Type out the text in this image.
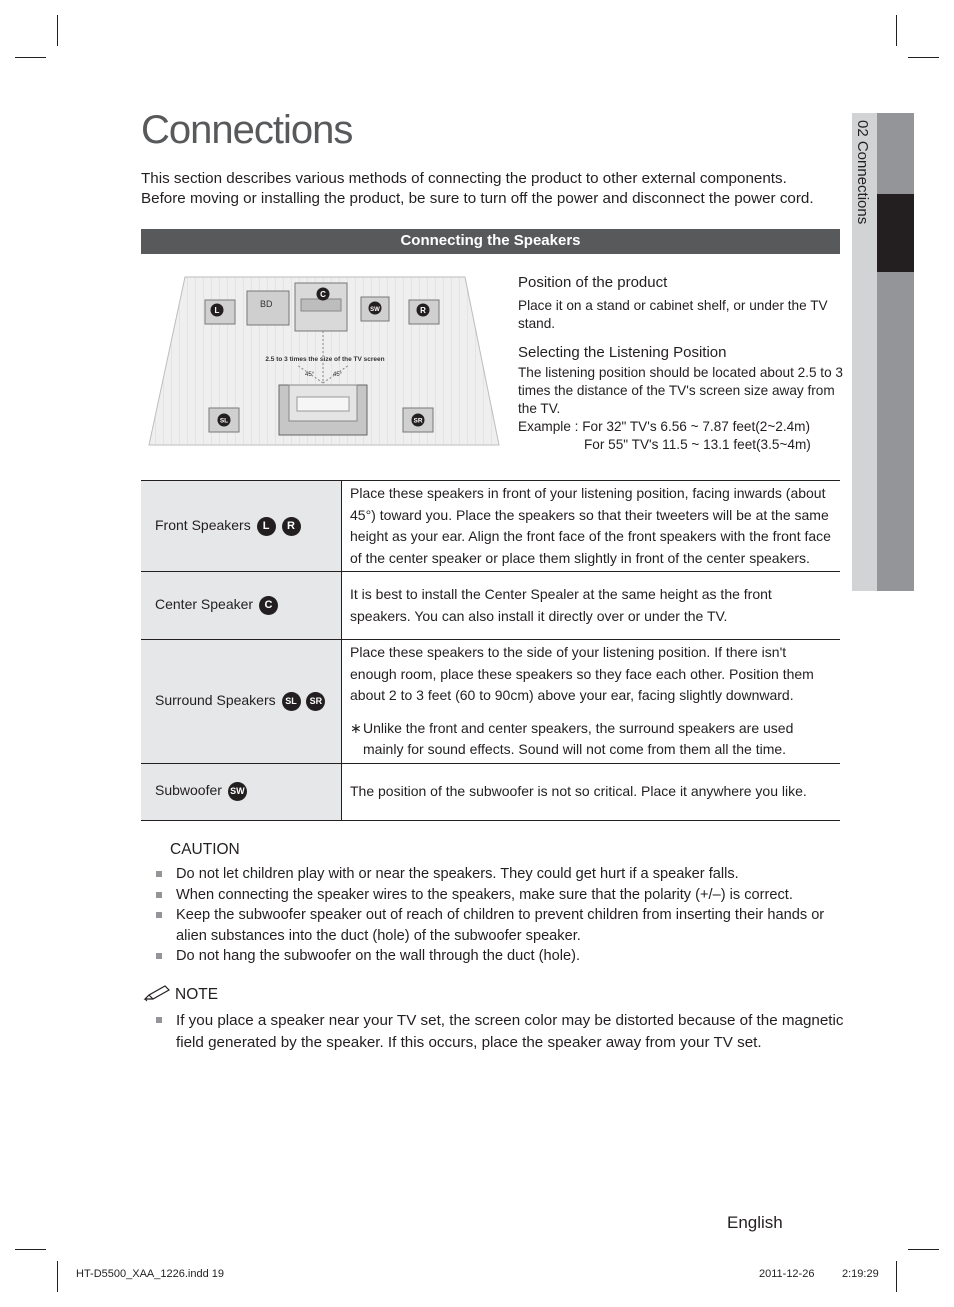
02 Connections
Connections
This section describes various methods of connecting the product to other external components.
Before moving or installing the product, be sure to turn off the power and disconnect the power cord.
Connecting the Speakers
BD
C
L	SW	R
2.5 to 3 times the size of the TV screen
45°	45°
SL	SR
Position of the product
Place it on a stand or cabinet shelf, or under the TV stand.
Selecting the Listening Position
The listening position should be located about 2.5 to 3
times the distance of the TV's screen size away from
the TV.
Example : For 32" TV's 6.56 ~ 7.87 feet(2~2.4m)
For 55" TV's 11.5 ~ 13.1 feet(3.5~4m)
Front Speakers L R	Place these speakers in front of your listening position, facing inwards (about 45°) toward you. Place the speakers so that their tweeters will be at the same height as your ear. Align the front face of the front speakers with the front face of the center speaker or place them slightly in front of the center speakers.
Center Speaker C	It is best to install the Center Spealer at the same height as the front speakers. You can also install it directly over or under the TV.
Surround Speakers SL SR	Place these speakers to the side of your listening position. If there isn't enough room, place these speakers so they face each other. Position them about 2 to 3 feet (60 to 90cm) above your ear, facing slightly downward.
∗ Unlike the front and center speakers, the surround speakers are used mainly for sound effects. Sound will not come from them all the time.

Subwoofer SW	The position of the subwoofer is not so critical. Place it anywhere you like.
CAUTION
Do not let children play with or near the speakers. They could get hurt if a speaker falls.
When connecting the speaker wires to the speakers, make sure that the polarity (+/–) is correct.
Keep the subwoofer speaker out of reach of children to prevent children from inserting their hands or alien substances into the duct (hole) of the subwoofer speaker.
Do not hang the subwoofer on the wall through the duct (hole).
NOTE
If you place a speaker near your TV set, the screen color may be distorted because of the magnetic field generated by the speaker. If this occurs, place the speaker away from your TV set.
English
HT-D5500_XAA_1226.indd 19	2011-12-26	2:19:29
